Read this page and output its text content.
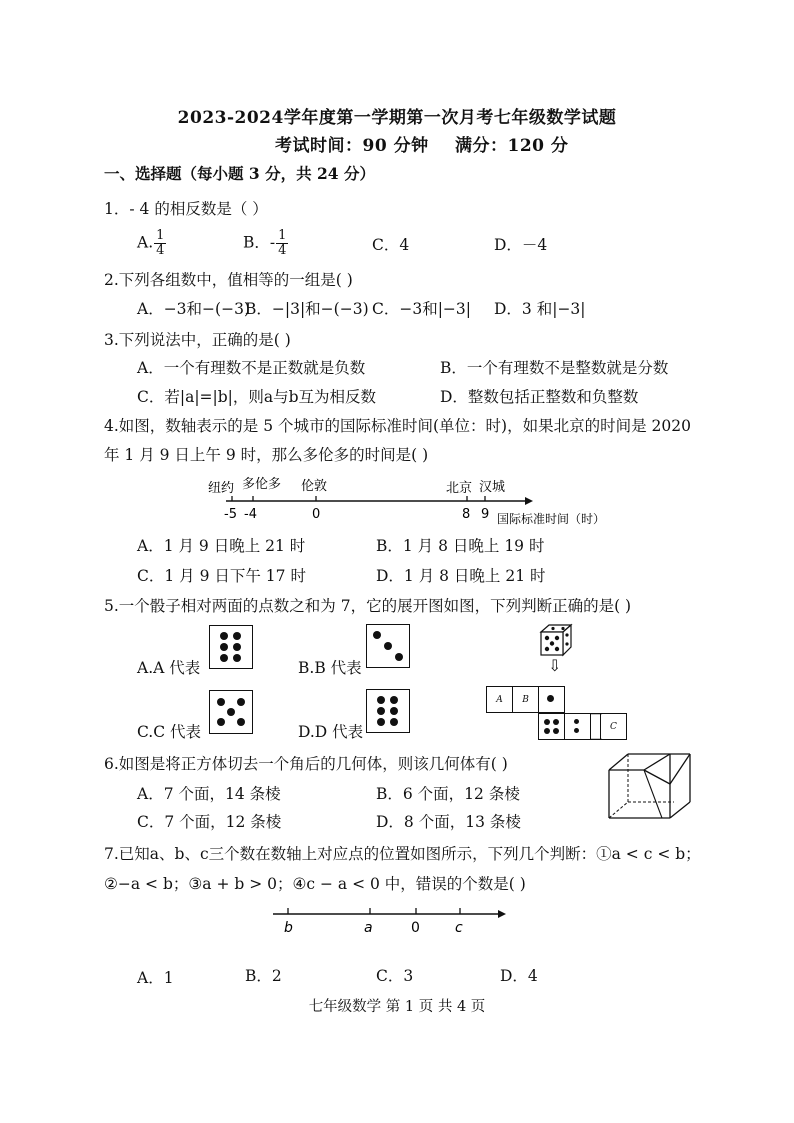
2023-2024学年度第一学期第一次月考七年级数学试题
考试时间：90 分钟 满分：120 分
一、选择题（每小题 3 分，共 24 分）
1．- 4 的相反数是（ ）
A. $\frac{1}{4}$	B．- $\frac{1}{4}$	C．4	D．－4
2.下列各组数中，值相等的一组是( )
A．−3和−(−3)
B．−|3|和−(−3) C．−3和|−3| D．3 和|−3|
3.下列说法中，正确的是( )
A．一个有理数不是正数就是负数	B．一个有理数不是整数就是分数
C．若|a|=|b|，则a与b互为相反数	D．整数包括正整数和负整数
4.如图，数轴表示的是 5 个城市的国际标准时间(单位：时)，如果北京的时间是 2020
年 1 月 9 日上午 9 时，那么多伦多的时间是( )
纽约 多伦多 伦敦	北京 汉城
-5 -4	0	8 9 国际标准时间（时）
A．1 月 9 日晚上 21 时	B．1 月 8 日晚上 19 时
C．1 月 9 日下午 17 时	D．1 月 8 日晚上 21 时
5.一个骰子相对两面的点数之和为 7，它的展开图如图，下列判断正确的是( )
A.A 代表	B.B 代表
C.C 代表	D.D 代表
⇩
A	B
C
6.如图是将正方体切去一个角后的几何体，则该几何体有( )
A．7 个面，14 条棱	B．6 个面，12 条棱
C．7 个面，12 条棱	D．8 个面，13 条棱
7.已知a、b、c三个数在数轴上对应点的位置如图所示，下列几个判断：①a < c < b；
②−a < b；③a + b > 0；④c − a < 0 中，错误的个数是( )
b	a	0	c
A．1	B．2	C．3	D．4
七年级数学 第 1 页 共 4 页
